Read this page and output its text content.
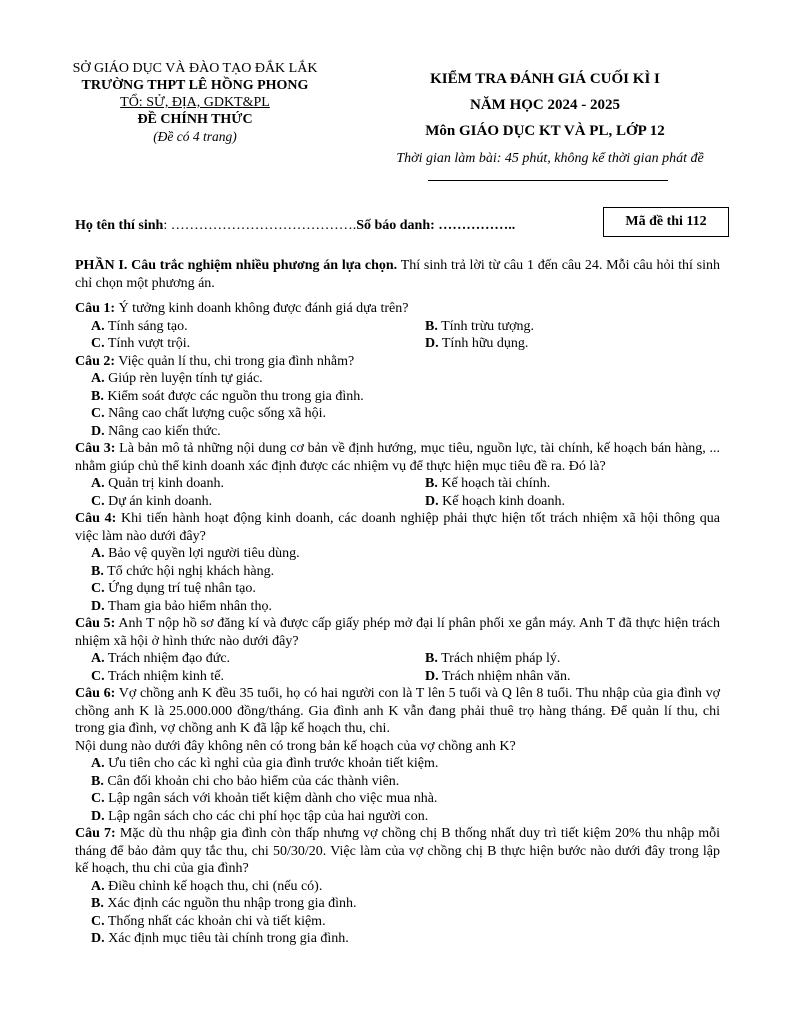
SỞ GIÁO DỤC VÀ ĐÀO TẠO ĐẮK LẮK
TRƯỜNG THPT LÊ HỒNG PHONG
TỔ: SỬ, ĐỊA, GDKT&PL
ĐỀ CHÍNH THỨC
(Đề có 4 trang)
KIỂM TRA ĐÁNH GIÁ CUỐI KÌ I
NĂM HỌC 2024 - 2025
Môn GIÁO DỤC KT VÀ PL, LỚP 12
Thời gian làm bài: 45 phút, không kể thời gian phát đề
Họ tên thí sinh: ………………………………….Số báo danh: ……………..	Mã đề thi 112

PHẦN I. Câu trắc nghiệm nhiều phương án lựa chọn. Thí sinh trả lời từ câu 1 đến câu 24. Mỗi câu hỏi thí sinh chỉ chọn một phương án.

Câu 1: Ý tưởng kinh doanh không được đánh giá dựa trên?

A. Tính sáng tạo.	B. Tính trừu tượng.
C. Tính vượt trội.	D. Tính hữu dụng.

Câu 2: Việc quản lí thu, chi trong gia đình nhằm?

A. Giúp rèn luyện tính tự giác.
B. Kiểm soát được các nguồn thu trong gia đình.
C. Nâng cao chất lượng cuộc sống xã hội.
D. Nâng cao kiến thức.

Câu 3: Là bản mô tả những nội dung cơ bản về định hướng, mục tiêu, nguồn lực, tài chính, kế hoạch bán hàng, ... nhằm giúp chủ thể kinh doanh xác định được các nhiệm vụ để thực hiện mục tiêu đề ra. Đó là?

A. Quản trị kinh doanh.	B. Kế hoạch tài chính.
C. Dự án kinh doanh.	D. Kế hoạch kinh doanh.

Câu 4: Khi tiến hành hoạt động kinh doanh, các doanh nghiệp phải thực hiện tốt trách nhiệm xã hội thông qua việc làm nào dưới đây?

A. Bảo vệ quyền lợi người tiêu dùng.
B. Tổ chức hội nghị khách hàng.
C. Ứng dụng trí tuệ nhân tạo.
D. Tham gia bảo hiểm nhân thọ.

Câu 5: Anh T nộp hồ sơ đăng kí và được cấp giấy phép mở đại lí phân phối xe gắn máy. Anh T đã thực hiện trách nhiệm xã hội ở hình thức nào dưới đây?

A. Trách nhiệm đạo đức.	B. Trách nhiệm pháp lý.
C. Trách nhiệm kinh tế.	D. Trách nhiệm nhân văn.

Câu 6: Vợ chồng anh K đều 35 tuổi, họ có hai người con là T lên 5 tuổi và Q lên 8 tuổi. Thu nhập của gia đình vợ chồng anh K là 25.000.000 đồng/tháng. Gia đình anh K vẫn đang phải thuê trọ hàng tháng. Để quản lí thu, chi trong gia đình, vợ chồng anh K đã lập kế hoạch thu, chi.

Nội dung nào dưới đây không nên có trong bản kế hoạch của vợ chồng anh K?

A. Ưu tiên cho các kì nghỉ của gia đình trước khoản tiết kiệm.
B. Cân đối khoản chi cho bảo hiểm của các thành viên.
C. Lập ngân sách với khoản tiết kiệm dành cho việc mua nhà.
D. Lập ngân sách cho các chi phí học tập của hai người con.

Câu 7: Mặc dù thu nhập gia đình còn thấp nhưng vợ chồng chị B thống nhất duy trì tiết kiệm 20% thu nhập mỗi tháng để bảo đảm quy tắc thu, chi 50/30/20. Việc làm của vợ chồng chị B thực hiện bước nào dưới đây trong lập kế hoạch, thu chi của gia đình?

A. Điều chỉnh kế hoạch thu, chi (nếu có).
B. Xác định các nguồn thu nhập trong gia đình.
C. Thống nhất các khoản chi và tiết kiệm.
D. Xác định mục tiêu tài chính trong gia đình.
